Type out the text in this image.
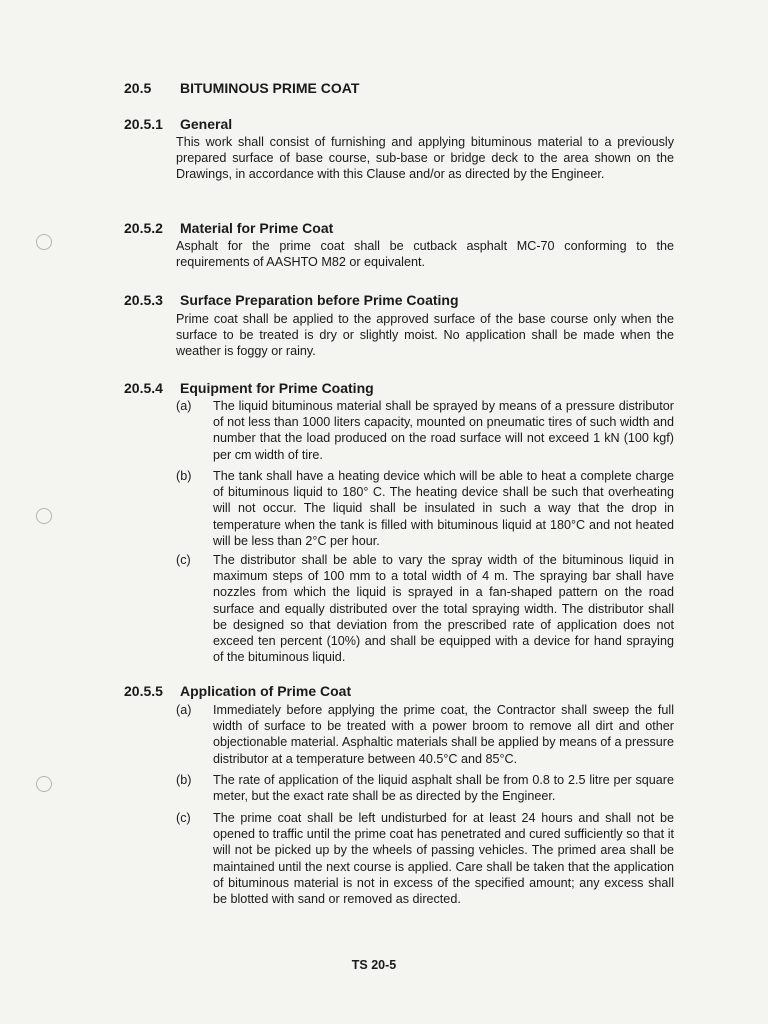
20.5 BITUMINOUS PRIME COAT
20.5.1 General

This work shall consist of furnishing and applying bituminous material to a previously prepared surface of base course, sub-base or bridge deck to the area shown on the Drawings, in accordance with this Clause and/or as directed by the Engineer.

20.5.2 Material for Prime Coat

Asphalt for the prime coat shall be cutback asphalt MC-70 conforming to the requirements of AASHTO M82 or equivalent.

20.5.3 Surface Preparation before Prime Coating

Prime coat shall be applied to the approved surface of the base course only when the surface to be treated is dry or slightly moist. No application shall be made when the weather is foggy or rainy.

20.5.4 Equipment for Prime Coating
(a)	The liquid bituminous material shall be sprayed by means of a pressure distributor of not less than 1000 liters capacity, mounted on pneumatic tires of such width and number that the load produced on the road surface will not exceed 1 kN (100 kgf) per cm width of tire.
(b)	The tank shall have a heating device which will be able to heat a complete charge of bituminous liquid to 180° C. The heating device shall be such that overheating will not occur. The liquid shall be insulated in such a way that the drop in temperature when the tank is filled with bituminous liquid at 180°C and not heated will be less than 2°C per hour.
(c)	The distributor shall be able to vary the spray width of the bituminous liquid in maximum steps of 100 mm to a total width of 4 m. The spraying bar shall have nozzles from which the liquid is sprayed in a fan-shaped pattern on the road surface and equally distributed over the total spraying width. The distributor shall be designed so that deviation from the prescribed rate of application does not exceed ten percent (10%) and shall be equipped with a device for hand spraying of the bituminous liquid.
20.5.5 Application of Prime Coat
(a)	Immediately before applying the prime coat, the Contractor shall sweep the full width of surface to be treated with a power broom to remove all dirt and other objectionable material. Asphaltic materials shall be applied by means of a pressure distributor at a temperature between 40.5°C and 85°C.
(b)	The rate of application of the liquid asphalt shall be from 0.8 to 2.5 litre per square meter, but the exact rate shall be as directed by the Engineer.
(c)	The prime coat shall be left undisturbed for at least 24 hours and shall not be opened to traffic until the prime coat has penetrated and cured sufficiently so that it will not be picked up by the wheels of passing vehicles. The primed area shall be maintained until the next course is applied. Care shall be taken that the application of bituminous material is not in excess of the specified amount; any excess shall be blotted with sand or removed as directed.
TS 20-5
